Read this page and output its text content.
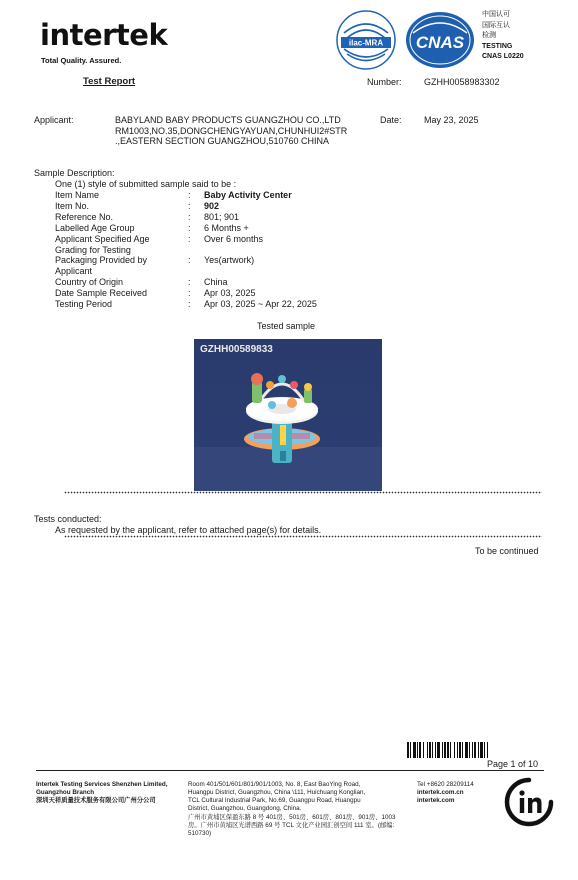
intertek
Total Quality. Assured.
ilac-MRA CNAS
中国认可
国际互认
检测
TESTING
CNAS L0220
Test Report	Number: GZHH0058983302
Applicant:	BABYLAND BABY PRODUCTS GUANGZHOU CO.,LTD
RM1003,NO.35,DONGCHENGYAYUAN,CHUNHUI2#STR
.,EASTERN SECTION GUANGZHOU,510760 CHINA
Date: May 23, 2025
Sample Description:
One (1) style of submitted sample said to be :
Item Name	: Baby Activity Center
Item No.	: 902
Reference No.	: 801; 901
Labelled Age Group	: 6 Months +
Applicant Specified Age	: Over 6 months
Grading for Testing
Packaging Provided by	: Yes(artwork)
Applicant
Country of Origin	: China
Date Sample Received	: Apr 03, 2025
Testing Period	: Apr 03, 2025 ~ Apr 22, 2025
Tested sample
GZHH00589833
Tests conducted:
As requested by the applicant, refer to attached page(s) for details.
To be continued
Page 1 of 10
Intertek Testing Services Shenzhen Limited,
Guangzhou Branch
深圳天祥质量技术服务有限公司广州分公司
Room 401/501/601/801/901/1003, No. 8, East BaoYing Road,
Huangpu District, Guangzhou, China \111, Huichuang Konglian,
TCL Cultural Industrial Park, No.69, Guangpu Road, Huangpu
District, Guangzhou, Guangdong, China.
广州市黄埔区保盈东路 8 号 401房、501房、601房、801房、901房、1003
房。广州市黄埔区光谱西路 69 号 TCL 文化产业园汇创空间 111 室。(邮编:
510730)
Tel +8620 28209114
intertek.com.cn
intertek.com
